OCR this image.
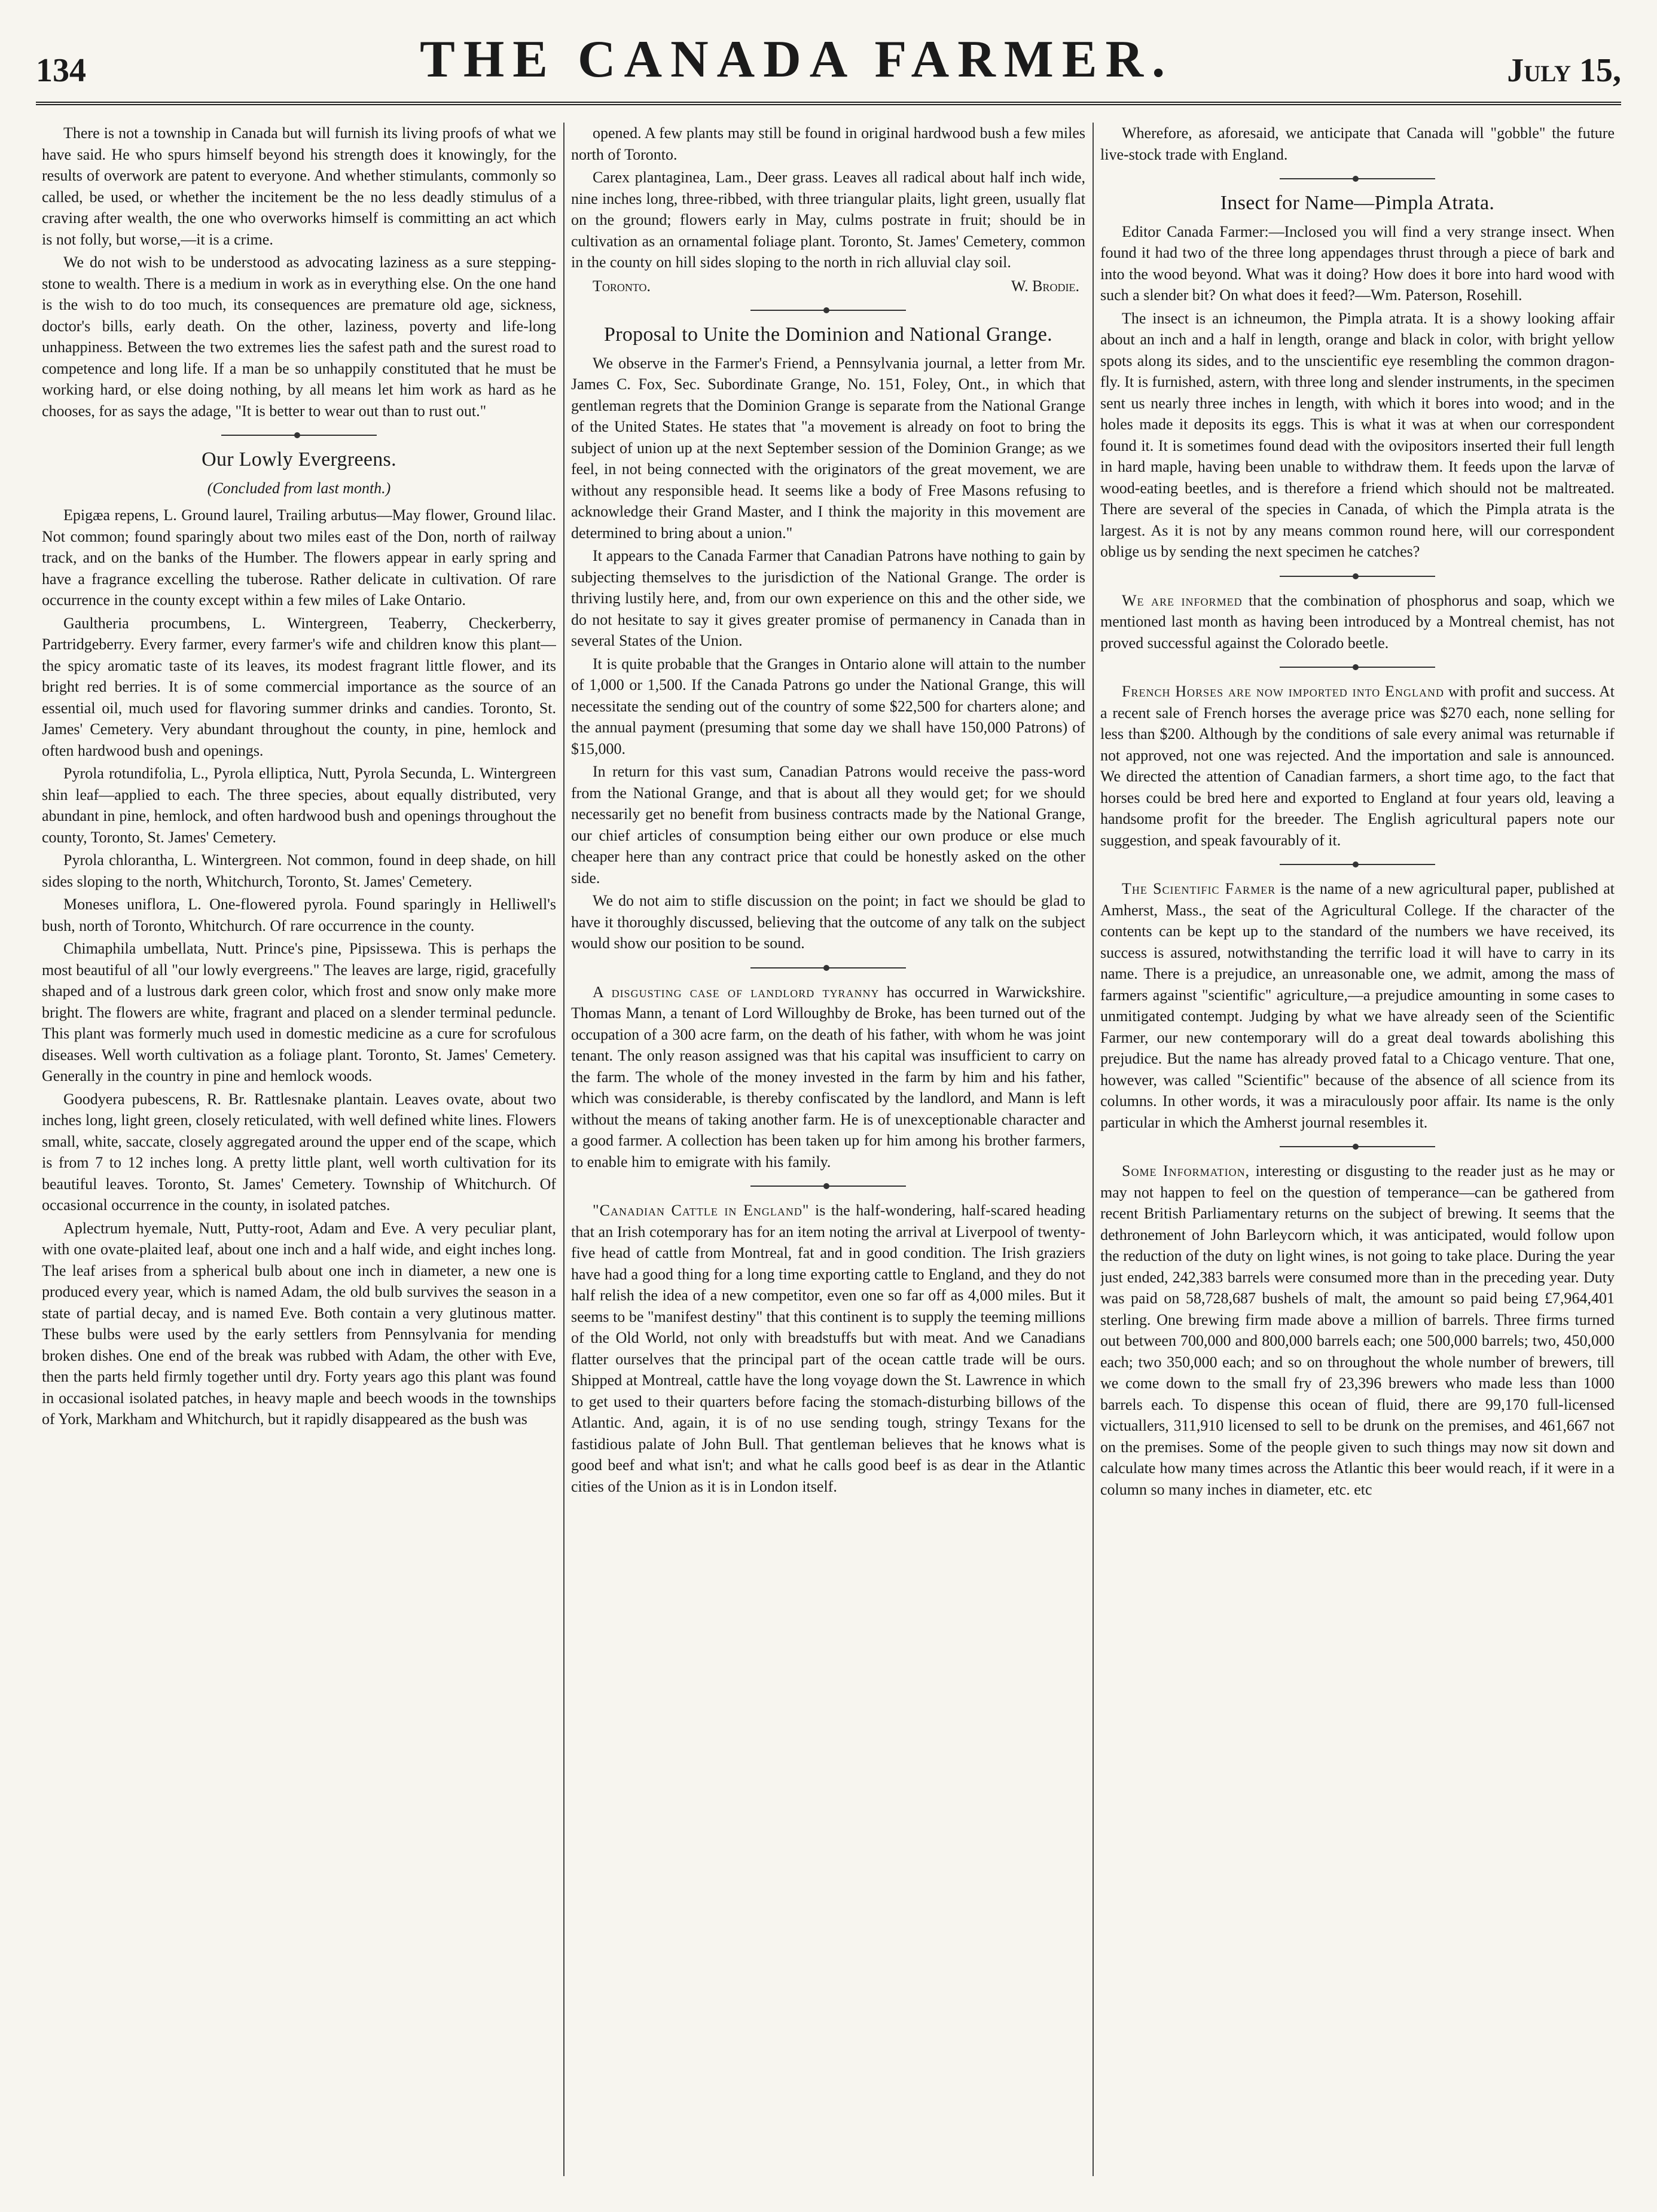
134	THE CANADA FARMER.	July 15,

There is not a township in Canada but will furnish its living proofs of what we have said. He who spurs himself beyond his strength does it knowingly, for the results of overwork are patent to everyone. And whether stimulants, commonly so called, be used, or whether the incitement be the no less deadly stimulus of a craving after wealth, the one who overworks himself is committing an act which is not folly, but worse,—it is a crime.

We do not wish to be understood as advocating laziness as a sure stepping-stone to wealth. There is a medium in work as in everything else. On the one hand is the wish to do too much, its consequences are premature old age, sickness, doctor's bills, early death. On the other, laziness, poverty and life-long unhappiness. Between the two extremes lies the safest path and the surest road to competence and long life. If a man be so unhappily constituted that he must be working hard, or else doing nothing, by all means let him work as hard as he chooses, for as says the adage, "It is better to wear out than to rust out."

Our Lowly Evergreens.
(Concluded from last month.)

Epigæa repens, L. Ground laurel, Trailing arbutus—May flower, Ground lilac. Not common; found sparingly about two miles east of the Don, north of railway track, and on the banks of the Humber. The flowers appear in early spring and have a fragrance excelling the tuberose. Rather delicate in cultivation. Of rare occurrence in the county except within a few miles of Lake Ontario.

Gaultheria procumbens, L. Wintergreen, Teaberry, Checkerberry, Partridgeberry. Every farmer, every farmer's wife and children know this plant—the spicy aromatic taste of its leaves, its modest fragrant little flower, and its bright red berries. It is of some commercial importance as the source of an essential oil, much used for flavoring summer drinks and candies. Toronto, St. James' Cemetery. Very abundant throughout the county, in pine, hemlock and often hardwood bush and openings.

Pyrola rotundifolia, L., Pyrola elliptica, Nutt, Pyrola Secunda, L. Wintergreen shin leaf—applied to each. The three species, about equally distributed, very abundant in pine, hemlock, and often hardwood bush and openings throughout the county, Toronto, St. James' Cemetery.

Pyrola chlorantha, L. Wintergreen. Not common, found in deep shade, on hill sides sloping to the north, Whitchurch, Toronto, St. James' Cemetery.

Moneses uniflora, L. One-flowered pyrola. Found sparingly in Helliwell's bush, north of Toronto, Whitchurch. Of rare occurrence in the county.

Chimaphila umbellata, Nutt. Prince's pine, Pipsissewa. This is perhaps the most beautiful of all "our lowly evergreens." The leaves are large, rigid, gracefully shaped and of a lustrous dark green color, which frost and snow only make more bright. The flowers are white, fragrant and placed on a slender terminal peduncle. This plant was formerly much used in domestic medicine as a cure for scrofulous diseases. Well worth cultivation as a foliage plant. Toronto, St. James' Cemetery. Generally in the country in pine and hemlock woods.

Goodyera pubescens, R. Br. Rattlesnake plantain. Leaves ovate, about two inches long, light green, closely reticulated, with well defined white lines. Flowers small, white, saccate, closely aggregated around the upper end of the scape, which is from 7 to 12 inches long. A pretty little plant, well worth cultivation for its beautiful leaves. Toronto, St. James' Cemetery. Township of Whitchurch. Of occasional occurrence in the county, in isolated patches.

Aplectrum hyemale, Nutt, Putty-root, Adam and Eve. A very peculiar plant, with one ovate-plaited leaf, about one inch and a half wide, and eight inches long. The leaf arises from a spherical bulb about one inch in diameter, a new one is produced every year, which is named Adam, the old bulb survives the season in a state of partial decay, and is named Eve. Both contain a very glutinous matter. These bulbs were used by the early settlers from Pennsylvania for mending broken dishes. One end of the break was rubbed with Adam, the other with Eve, then the parts held firmly together until dry. Forty years ago this plant was found in occasional isolated patches, in heavy maple and beech woods in the townships of York, Markham and Whitchurch, but it rapidly disappeared as the bush was

opened. A few plants may still be found in original hardwood bush a few miles north of Toronto.

Carex plantaginea, Lam., Deer grass. Leaves all radical about half inch wide, nine inches long, three-ribbed, with three triangular plaits, light green, usually flat on the ground; flowers early in May, culms postrate in fruit; should be in cultivation as an ornamental foliage plant. Toronto, St. James' Cemetery, common in the county on hill sides sloping to the north in rich alluvial clay soil.

Toronto.	W. Brodie.
Proposal to Unite the Dominion and National Grange.

We observe in the Farmer's Friend, a Pennsylvania journal, a letter from Mr. James C. Fox, Sec. Subordinate Grange, No. 151, Foley, Ont., in which that gentleman regrets that the Dominion Grange is separate from the National Grange of the United States. He states that "a movement is already on foot to bring the subject of union up at the next September session of the Dominion Grange; as we feel, in not being connected with the originators of the great movement, we are without any responsible head. It seems like a body of Free Masons refusing to acknowledge their Grand Master, and I think the majority in this movement are determined to bring about a union."

It appears to the Canada Farmer that Canadian Patrons have nothing to gain by subjecting themselves to the jurisdiction of the National Grange. The order is thriving lustily here, and, from our own experience on this and the other side, we do not hesitate to say it gives greater promise of permanency in Canada than in several States of the Union.

It is quite probable that the Granges in Ontario alone will attain to the number of 1,000 or 1,500. If the Canada Patrons go under the National Grange, this will necessitate the sending out of the country of some $22,500 for charters alone; and the annual payment (presuming that some day we shall have 150,000 Patrons) of $15,000.

In return for this vast sum, Canadian Patrons would receive the pass-word from the National Grange, and that is about all they would get; for we should necessarily get no benefit from business contracts made by the National Grange, our chief articles of consumption being either our own produce or else much cheaper here than any contract price that could be honestly asked on the other side.

We do not aim to stifle discussion on the point; in fact we should be glad to have it thoroughly discussed, believing that the outcome of any talk on the subject would show our position to be sound.

A disgusting case of landlord tyranny has occurred in Warwickshire. Thomas Mann, a tenant of Lord Willoughby de Broke, has been turned out of the occupation of a 300 acre farm, on the death of his father, with whom he was joint tenant. The only reason assigned was that his capital was insufficient to carry on the farm. The whole of the money invested in the farm by him and his father, which was considerable, is thereby confiscated by the landlord, and Mann is left without the means of taking another farm. He is of unexceptionable character and a good farmer. A collection has been taken up for him among his brother farmers, to enable him to emigrate with his family.

"Canadian Cattle in England" is the half-wondering, half-scared heading that an Irish cotemporary has for an item noting the arrival at Liverpool of twenty-five head of cattle from Montreal, fat and in good condition. The Irish graziers have had a good thing for a long time exporting cattle to England, and they do not half relish the idea of a new competitor, even one so far off as 4,000 miles. But it seems to be "manifest destiny" that this continent is to supply the teeming millions of the Old World, not only with breadstuffs but with meat. And we Canadians flatter ourselves that the principal part of the ocean cattle trade will be ours. Shipped at Montreal, cattle have the long voyage down the St. Lawrence in which to get used to their quarters before facing the stomach-disturbing billows of the Atlantic. And, again, it is of no use sending tough, stringy Texans for the fastidious palate of John Bull. That gentleman believes that he knows what is good beef and what isn't; and what he calls good beef is as dear in the Atlantic cities of the Union as it is in London itself.

Wherefore, as aforesaid, we anticipate that Canada will "gobble" the future live-stock trade with England.

Insect for Name—Pimpla Atrata.

Editor Canada Farmer:—Inclosed you will find a very strange insect. When found it had two of the three long appendages thrust through a piece of bark and into the wood beyond. What was it doing? How does it bore into hard wood with such a slender bit? On what does it feed?—Wm. Paterson, Rosehill.

The insect is an ichneumon, the Pimpla atrata. It is a showy looking affair about an inch and a half in length, orange and black in color, with bright yellow spots along its sides, and to the unscientific eye resembling the common dragon-fly. It is furnished, astern, with three long and slender instruments, in the specimen sent us nearly three inches in length, with which it bores into wood; and in the holes made it deposits its eggs. This is what it was at when our correspondent found it. It is sometimes found dead with the ovipositors inserted their full length in hard maple, having been unable to withdraw them. It feeds upon the larvæ of wood-eating beetles, and is therefore a friend which should not be maltreated. There are several of the species in Canada, of which the Pimpla atrata is the largest. As it is not by any means common round here, will our correspondent oblige us by sending the next specimen he catches?

We are informed that the combination of phosphorus and soap, which we mentioned last month as having been introduced by a Montreal chemist, has not proved successful against the Colorado beetle.

French Horses are now imported into England with profit and success. At a recent sale of French horses the average price was $270 each, none selling for less than $200. Although by the conditions of sale every animal was returnable if not approved, not one was rejected. And the importation and sale is announced. We directed the attention of Canadian farmers, a short time ago, to the fact that horses could be bred here and exported to England at four years old, leaving a handsome profit for the breeder. The English agricultural papers note our suggestion, and speak favourably of it.

The Scientific Farmer is the name of a new agricultural paper, published at Amherst, Mass., the seat of the Agricultural College. If the character of the contents can be kept up to the standard of the numbers we have received, its success is assured, notwithstanding the terrific load it will have to carry in its name. There is a prejudice, an unreasonable one, we admit, among the mass of farmers against "scientific" agriculture,—a prejudice amounting in some cases to unmitigated contempt. Judging by what we have already seen of the Scientific Farmer, our new contemporary will do a great deal towards abolishing this prejudice. But the name has already proved fatal to a Chicago venture. That one, however, was called "Scientific" because of the absence of all science from its columns. In other words, it was a miraculously poor affair. Its name is the only particular in which the Amherst journal resembles it.

Some Information, interesting or disgusting to the reader just as he may or may not happen to feel on the question of temperance—can be gathered from recent British Parliamentary returns on the subject of brewing. It seems that the dethronement of John Barleycorn which, it was anticipated, would follow upon the reduction of the duty on light wines, is not going to take place. During the year just ended, 242,383 barrels were consumed more than in the preceding year. Duty was paid on 58,728,687 bushels of malt, the amount so paid being £7,964,401 sterling. One brewing firm made above a million of barrels. Three firms turned out between 700,000 and 800,000 barrels each; one 500,000 barrels; two, 450,000 each; two 350,000 each; and so on throughout the whole number of brewers, till we come down to the small fry of 23,396 brewers who made less than 1000 barrels each. To dispense this ocean of fluid, there are 99,170 full-licensed victuallers, 311,910 licensed to sell to be drunk on the premises, and 461,667 not on the premises. Some of the people given to such things may now sit down and calculate how many times across the Atlantic this beer would reach, if it were in a column so many inches in diameter, etc. etc
